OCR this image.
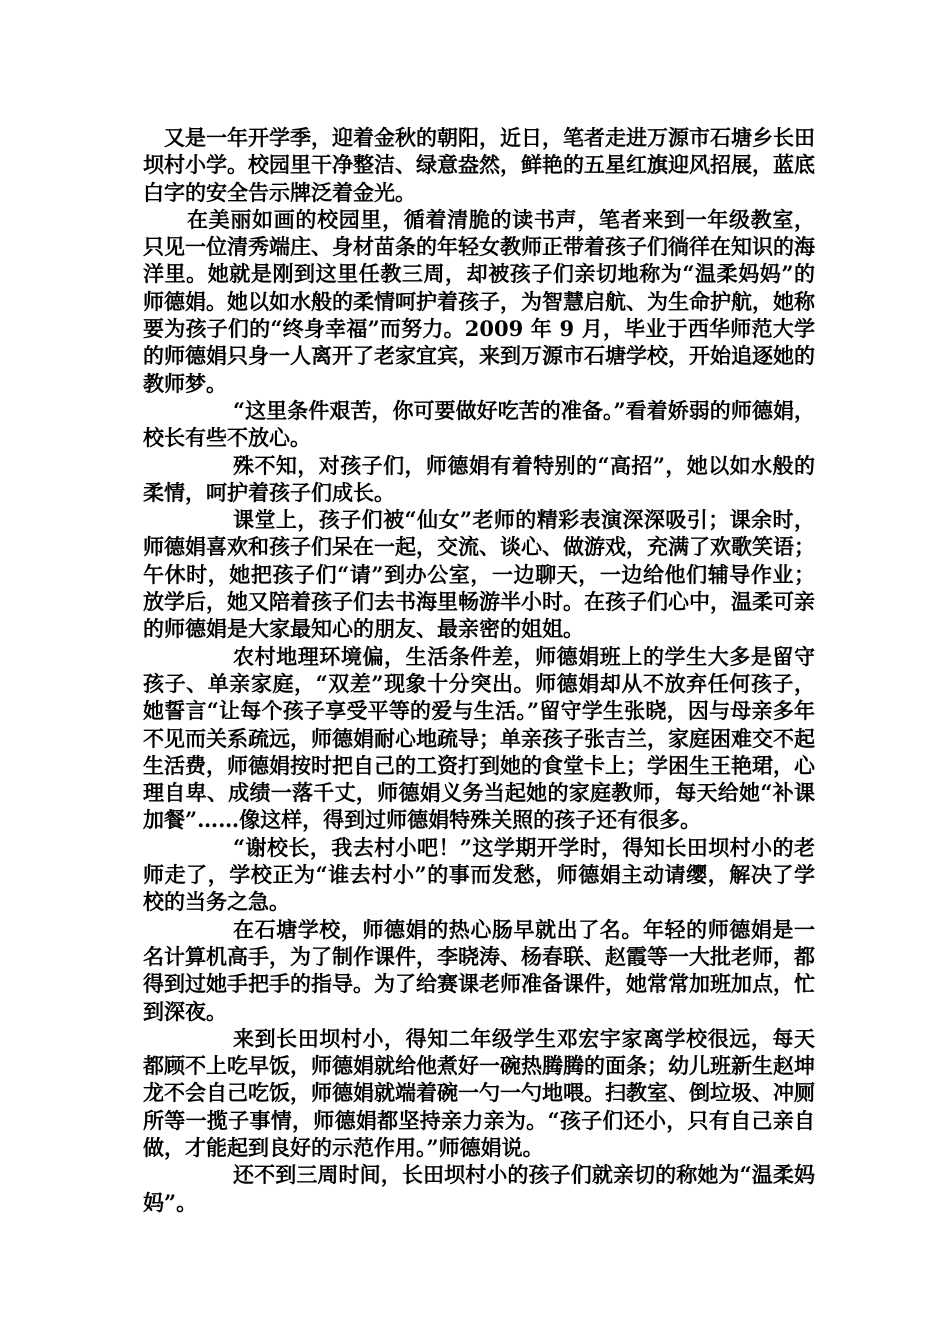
又是一年开学季，迎着金秋的朝阳，近日，笔者走进万源市石塘乡长田坝村小学。校园里干净整洁、绿意盎然，鲜艳的五星红旗迎风招展，蓝底白字的安全告示牌泛着金光。

在美丽如画的校园里，循着清脆的读书声，笔者来到一年级教室，只见一位清秀端庄、身材苗条的年轻女教师正带着孩子们徜徉在知识的海洋里。她就是刚到这里任教三周，却被孩子们亲切地称为“温柔妈妈”的师德娟。她以如水般的柔情呵护着孩子，为智慧启航、为生命护航，她称要为孩子们的“终身幸福”而努力。2009 年 9 月，毕业于西华师范大学的师德娟只身一人离开了老家宜宾，来到万源市石塘学校，开始追逐她的教师梦。

“这里条件艰苦，你可要做好吃苦的准备。”看着娇弱的师德娟，校长有些不放心。

殊不知，对孩子们，师德娟有着特别的“高招”，她以如水般的柔情，呵护着孩子们成长。

课堂上，孩子们被“仙女”老师的精彩表演深深吸引；课余时，师德娟喜欢和孩子们呆在一起，交流、谈心、做游戏，充满了欢歌笑语；午休时，她把孩子们“请”到办公室，一边聊天，一边给他们辅导作业；放学后，她又陪着孩子们去书海里畅游半小时。在孩子们心中，温柔可亲的师德娟是大家最知心的朋友、最亲密的姐姐。

农村地理环境偏，生活条件差，师德娟班上的学生大多是留守孩子、单亲家庭，“双差”现象十分突出。师德娟却从不放弃任何孩子，她誓言“让每个孩子享受平等的爱与生活。”留守学生张晓，因与母亲多年不见而关系疏远，师德娟耐心地疏导；单亲孩子张吉兰，家庭困难交不起生活费，师德娟按时把自己的工资打到她的食堂卡上；学困生王艳珺，心理自卑、成绩一落千丈，师德娟义务当起她的家庭教师，每天给她“补课加餐”……像这样，得到过师德娟特殊关照的孩子还有很多。

“谢校长，我去村小吧！”这学期开学时，得知长田坝村小的老师走了，学校正为“谁去村小”的事而发愁，师德娟主动请缨，解决了学校的当务之急。

在石塘学校，师德娟的热心肠早就出了名。年轻的师德娟是一名计算机高手，为了制作课件，李晓涛、杨春联、赵霞等一大批老师，都得到过她手把手的指导。为了给赛课老师准备课件，她常常加班加点，忙到深夜。

来到长田坝村小，得知二年级学生邓宏宇家离学校很远，每天都顾不上吃早饭，师德娟就给他煮好一碗热腾腾的面条；幼儿班新生赵坤龙不会自己吃饭，师德娟就端着碗一勺一勺地喂。扫教室、倒垃圾、冲厕所等一揽子事情，师德娟都坚持亲力亲为。“孩子们还小，只有自己亲自做，才能起到良好的示范作用。”师德娟说。

还不到三周时间，长田坝村小的孩子们就亲切的称她为“温柔妈妈”。
